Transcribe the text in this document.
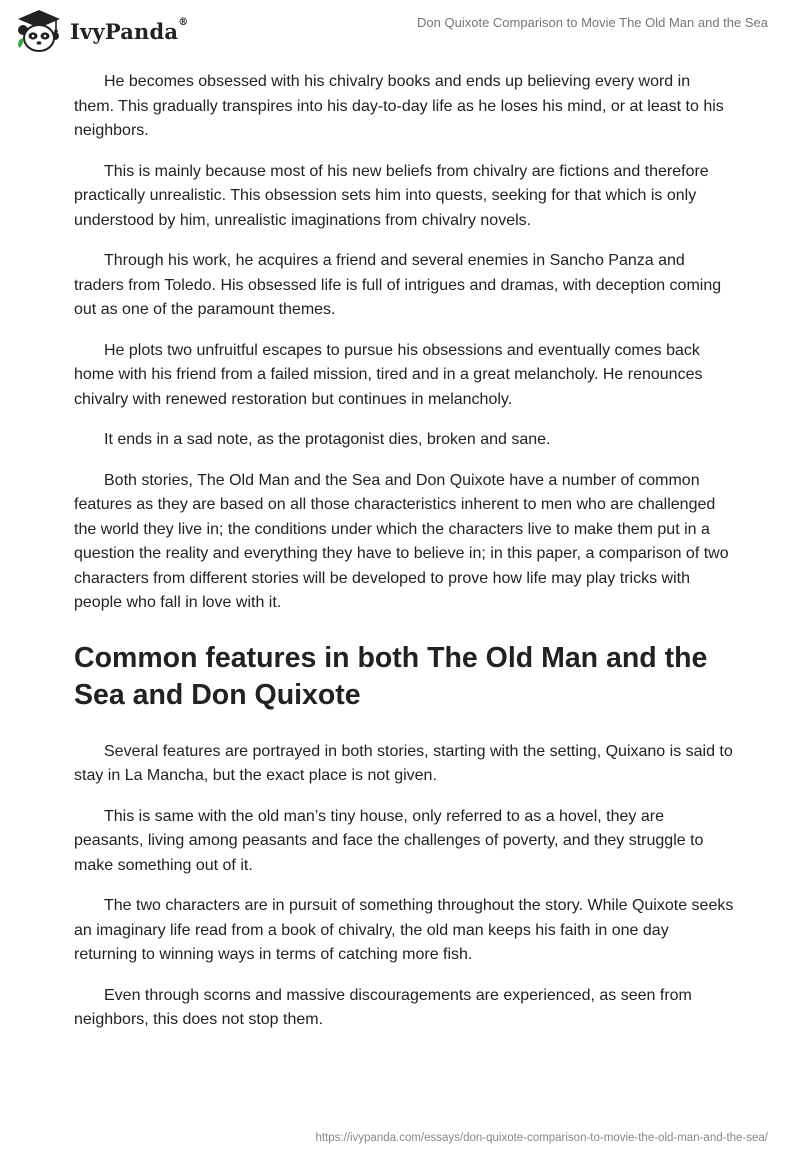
IvyPanda®	Don Quixote Comparison to Movie The Old Man and the Sea

He becomes obsessed with his chivalry books and ends up believing every word in them. This gradually transpires into his day-to-day life as he loses his mind, or at least to his neighbors.

This is mainly because most of his new beliefs from chivalry are fictions and therefore practically unrealistic. This obsession sets him into quests, seeking for that which is only understood by him, unrealistic imaginations from chivalry novels.

Through his work, he acquires a friend and several enemies in Sancho Panza and traders from Toledo. His obsessed life is full of intrigues and dramas, with deception coming out as one of the paramount themes.

He plots two unfruitful escapes to pursue his obsessions and eventually comes back home with his friend from a failed mission, tired and in a great melancholy. He renounces chivalry with renewed restoration but continues in melancholy.

It ends in a sad note, as the protagonist dies, broken and sane.

Both stories, The Old Man and the Sea and Don Quixote have a number of common features as they are based on all those characteristics inherent to men who are challenged the world they live in; the conditions under which the characters live to make them put in a question the reality and everything they have to believe in; in this paper, a comparison of two characters from different stories will be developed to prove how life may play tricks with people who fall in love with it.

Common features in both The Old Man and the Sea and Don Quixote

Several features are portrayed in both stories, starting with the setting, Quixano is said to stay in La Mancha, but the exact place is not given.

This is same with the old man’s tiny house, only referred to as a hovel, they are peasants, living among peasants and face the challenges of poverty, and they struggle to make something out of it.

The two characters are in pursuit of something throughout the story. While Quixote seeks an imaginary life read from a book of chivalry, the old man keeps his faith in one day returning to winning ways in terms of catching more fish.

Even through scorns and massive discouragements are experienced, as seen from neighbors, this does not stop them.

https://ivypanda.com/essays/don-quixote-comparison-to-movie-the-old-man-and-the-sea/
